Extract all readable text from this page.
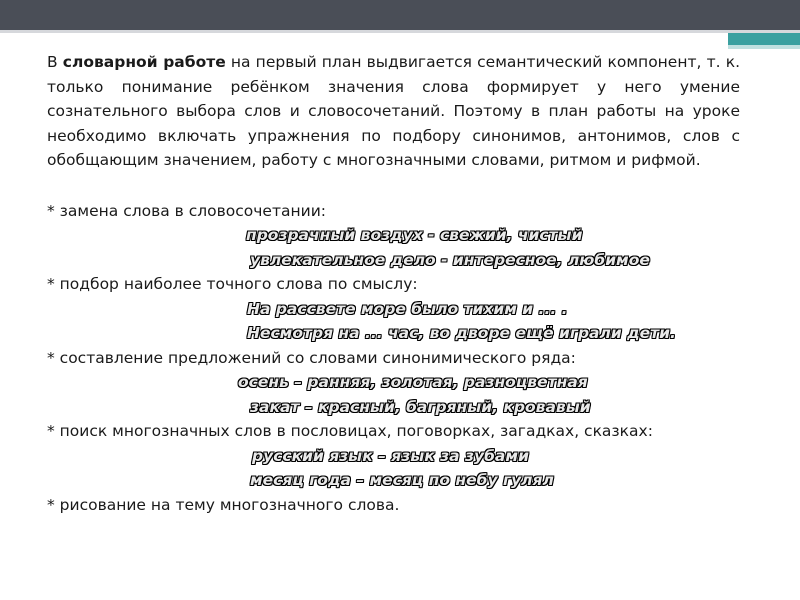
В словарной работе на первый план выдвигается семантический компонент, т. к. только понимание ребёнком значения слова формирует у него умение сознательного выбора слов и словосочетаний. Поэтому в план работы на уроке необходимо включать упражнения по подбору синонимов, антонимов, слов с обобщающим значением, работу с многозначными словами, ритмом и рифмой.

* замена слова в словосочетании:

прозрачный воздух - свежий, чистый

увлекательное дело - интересное, любимое

* подбор наиболее точного слова по смыслу:

На рассвете море было тихим и ... .

Несмотря на ... час, во дворе ещё играли дети.

* составление предложений со словами синонимического ряда:

осень – ранняя, золотая, разноцветная

закат – красный, багряный, кровавый

* поиск многозначных слов в пословицах, поговорках, загадках, сказках:

русский язык – язык за зубами

месяц года – месяц по небу гулял

* рисование на тему многозначного слова.
